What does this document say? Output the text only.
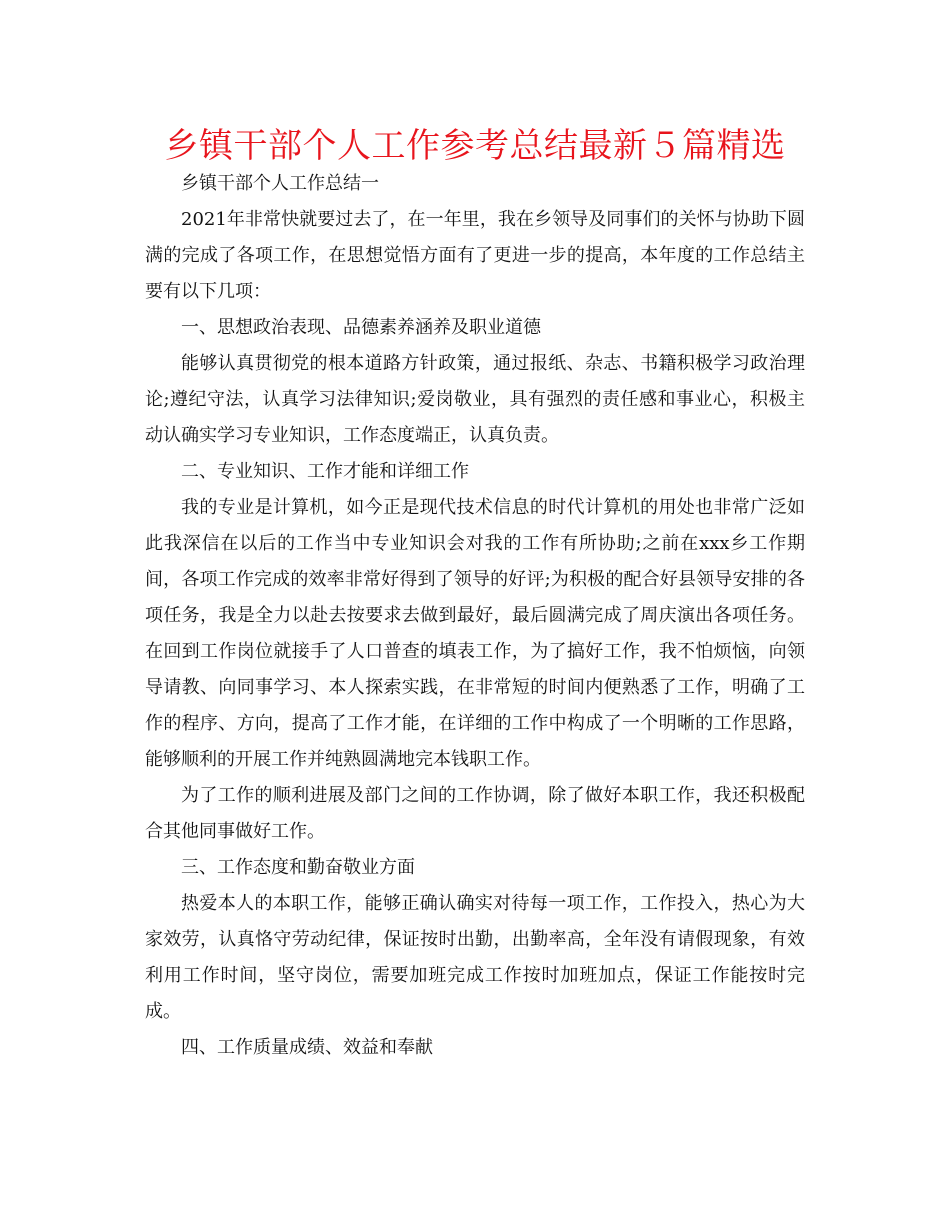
乡镇干部个人工作参考总结最新５篇精选

乡镇干部个人工作总结一

2021年非常快就要过去了，在一年里，我在乡领导及同事们的关怀与协助下圆满的完成了各项工作，在思想觉悟方面有了更进一步的提高，本年度的工作总结主要有以下几项：

一、思想政治表现、品德素养涵养及职业道德

能够认真贯彻党的根本道路方针政策，通过报纸、杂志、书籍积极学习政治理论;遵纪守法，认真学习法律知识;爱岗敬业，具有强烈的责任感和事业心，积极主动认确实学习专业知识，工作态度端正，认真负责。

二、专业知识、工作才能和详细工作

我的专业是计算机，如今正是现代技术信息的时代计算机的用处也非常广泛如此我深信在以后的工作当中专业知识会对我的工作有所协助;之前在xxx乡工作期间，各项工作完成的效率非常好得到了领导的好评;为积极的配合好县领导安排的各项任务，我是全力以赴去按要求去做到最好，最后圆满完成了周庆演出各项任务。在回到工作岗位就接手了人口普查的填表工作，为了搞好工作，我不怕烦恼，向领导请教、向同事学习、本人探索实践，在非常短的时间内便熟悉了工作，明确了工作的程序、方向，提高了工作才能，在详细的工作中构成了一个明晰的工作思路，能够顺利的开展工作并纯熟圆满地完本钱职工作。

为了工作的顺利进展及部门之间的工作协调，除了做好本职工作，我还积极配合其他同事做好工作。

三、工作态度和勤奋敬业方面

热爱本人的本职工作，能够正确认确实对待每一项工作，工作投入，热心为大家效劳，认真恪守劳动纪律，保证按时出勤，出勤率高，全年没有请假现象，有效利用工作时间，坚守岗位，需要加班完成工作按时加班加点，保证工作能按时完成。

四、工作质量成绩、效益和奉献
